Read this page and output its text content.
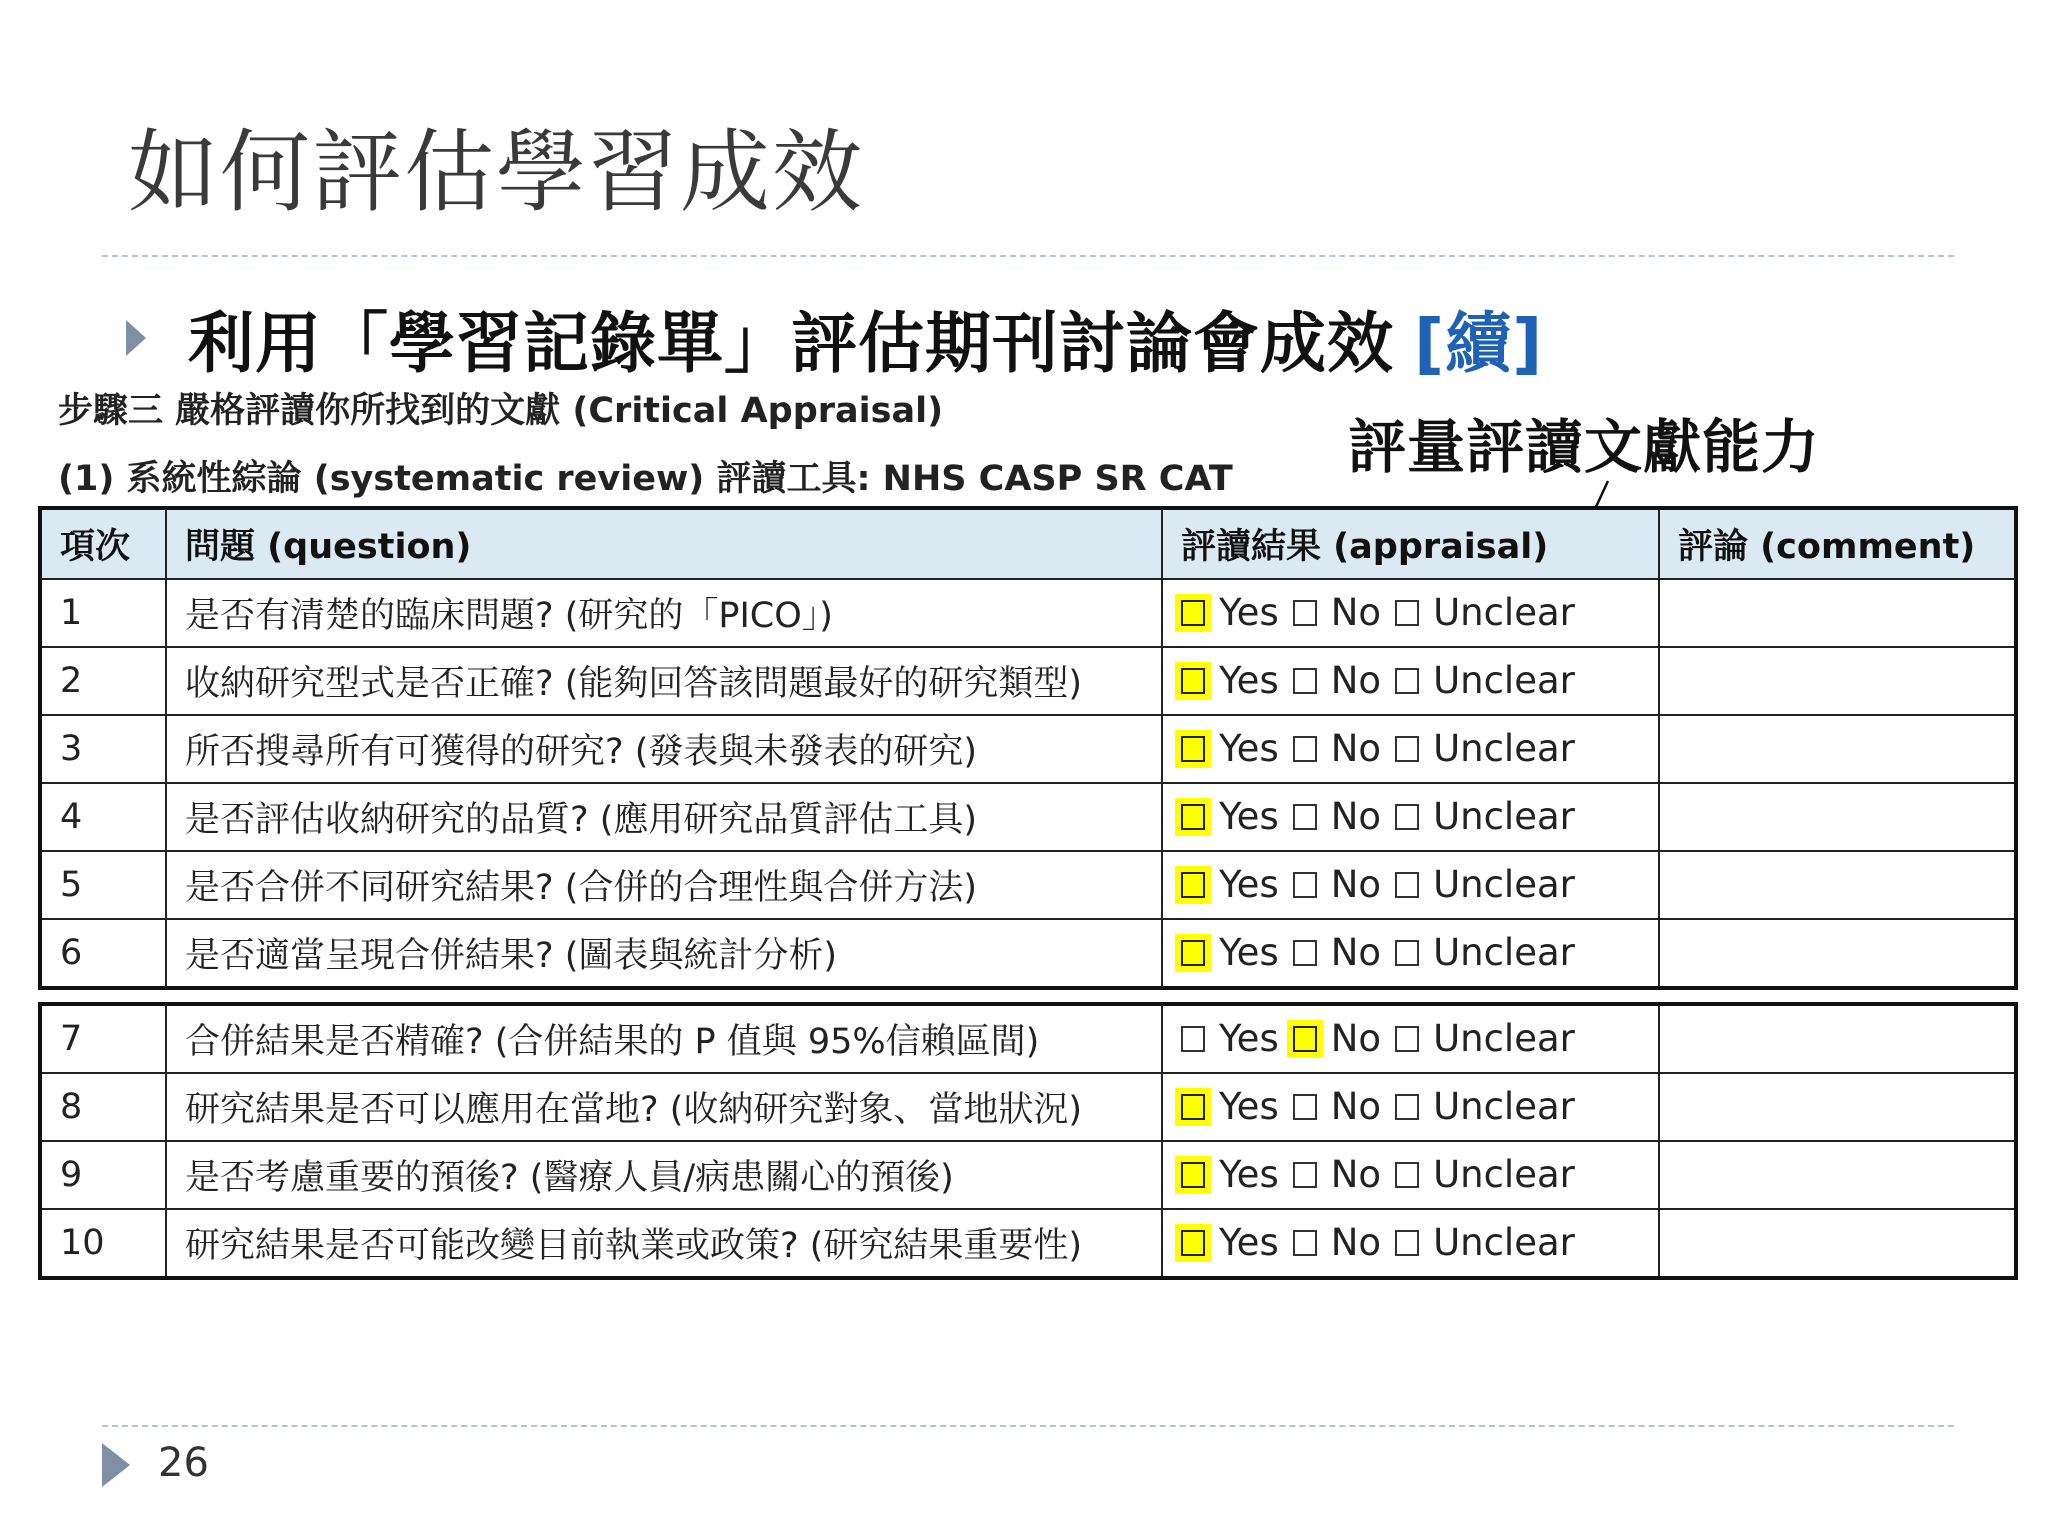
如何評估學習成效
利用「學習記錄單」評估期刊討論會成效 [續]
步驟三 嚴格評讀你所找到的文獻 (Critical Appraisal)
(1) 系統性綜論 (systematic review) 評讀工具: NHS CASP SR CAT 評量評讀文獻能力
項次	問題 (question)	評讀結果 (appraisal)	評論 (comment)
1	是否有清楚的臨床問題? (研究的「PICO」)	Yes No Unclear	

2	收納研究型式是否正確? (能夠回答該問題最好的研究類型)	Yes No Unclear	

3	所否搜尋所有可獲得的研究? (發表與未發表的研究)	Yes No Unclear	

4	是否評估收納研究的品質? (應用研究品質評估工具)	Yes No Unclear	

5	是否合併不同研究結果? (合併的合理性與合併方法)	Yes No Unclear	

6	是否適當呈現合併結果? (圖表與統計分析)	Yes No Unclear	

7	合併結果是否精確? (合併結果的 P 值與 95%信賴區間)	Yes No Unclear	

8	研究結果是否可以應用在當地? (收納研究對象、當地狀況)	Yes No Unclear	

9	是否考慮重要的預後? (醫療人員/病患關心的預後)	Yes No Unclear	

10	研究結果是否可能改變目前執業或政策? (研究結果重要性)	Yes No Unclear	

26
